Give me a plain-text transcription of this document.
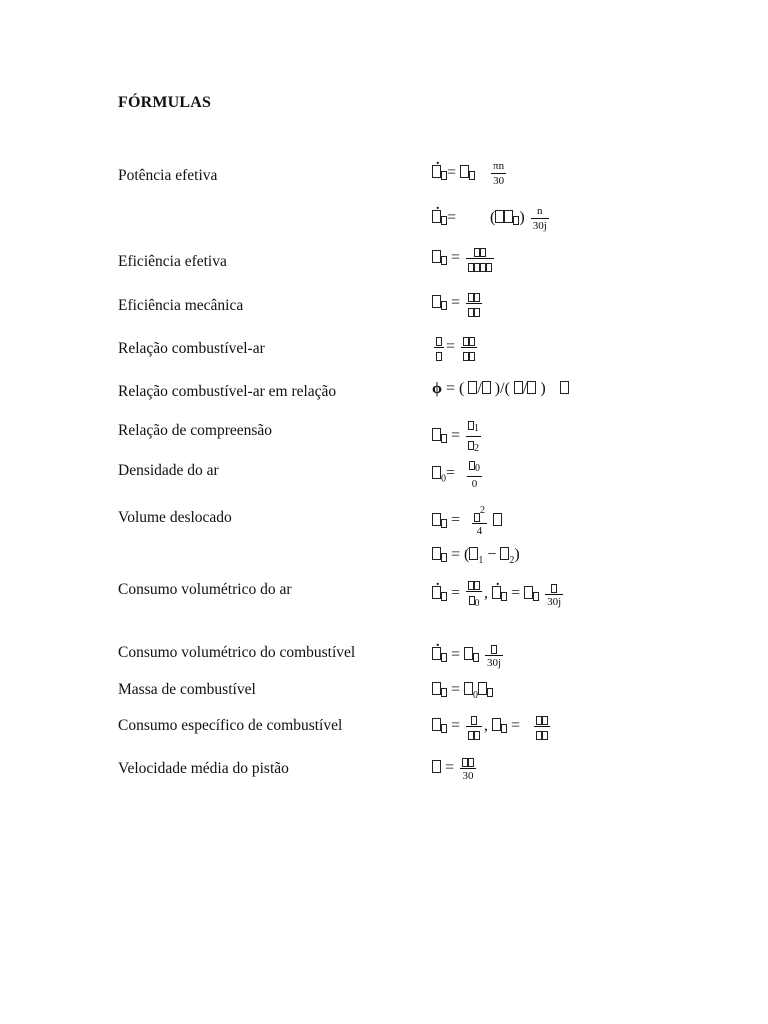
FÓRMULAS
Potência efetiva
Eficiência efetiva
Eficiência mecânica
Relação combustível-ar
Relação combustível-ar em relação
Relação de compreensão
Densidade do ar
Volume deslocado
Consumo volumétrico do ar
Consumo volumétrico do combustível
Massa de combustível
Consumo específico de combustível
Velocidade média do pistão
.=	$\frac{\pi n}{30}$
.= ( ) $\frac{n}{30j}$
=
=
=
ϕ = ( / )/( / )
= $\frac{1}{2}$
$_0= \frac{0}{0}$
= $\frac{2}{4}$

= ( $_1$ − $_2$)
. =
0
, . = 30j
. = 30j
= $_0$
=
,  =
= 30
